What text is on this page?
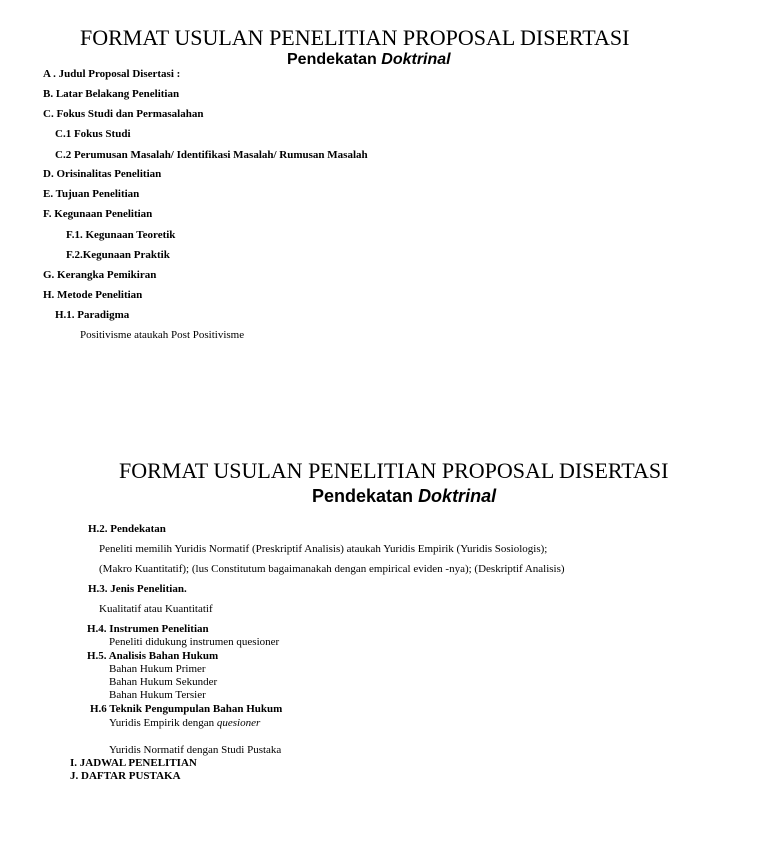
FORMAT USULAN PENELITIAN PROPOSAL DISERTASI
Pendekatan Doktrinal
A . Judul Proposal Disertasi :
B. Latar Belakang Penelitian
C. Fokus Studi dan Permasalahan
C.1 Fokus Studi
C.2 Perumusan Masalah/ Identifikasi Masalah/ Rumusan Masalah
D. Orisinalitas Penelitian
E. Tujuan Penelitian
F. Kegunaan Penelitian
F.1. Kegunaan Teoretik
F.2.Kegunaan Praktik
G. Kerangka Pemikiran
H. Metode Penelitian
H.1. Paradigma
Positivisme ataukah Post Positivisme
FORMAT USULAN PENELITIAN PROPOSAL DISERTASI
Pendekatan Doktrinal
H.2. Pendekatan
Peneliti memilih Yuridis Normatif (Preskriptif Analisis) ataukah Yuridis Empirik (Yuridis Sosiologis);
(Makro Kuantitatif); (lus Constitutum bagaimanakah dengan empirical eviden -nya); (Deskriptif Analisis)
H.3. Jenis Penelitian.
Kualitatif atau Kuantitatif
H.4. Instrumen Penelitian
Peneliti didukung instrumen quesioner
H.5. Analisis Bahan Hukum
Bahan Hukum Primer
Bahan Hukum Sekunder
Bahan Hukum Tersier
H.6 Teknik Pengumpulan Bahan Hukum
Yuridis Empirik dengan quesioner
Yuridis Normatif dengan Studi Pustaka
I. JADWAL PENELITIAN
J. DAFTAR PUSTAKA
